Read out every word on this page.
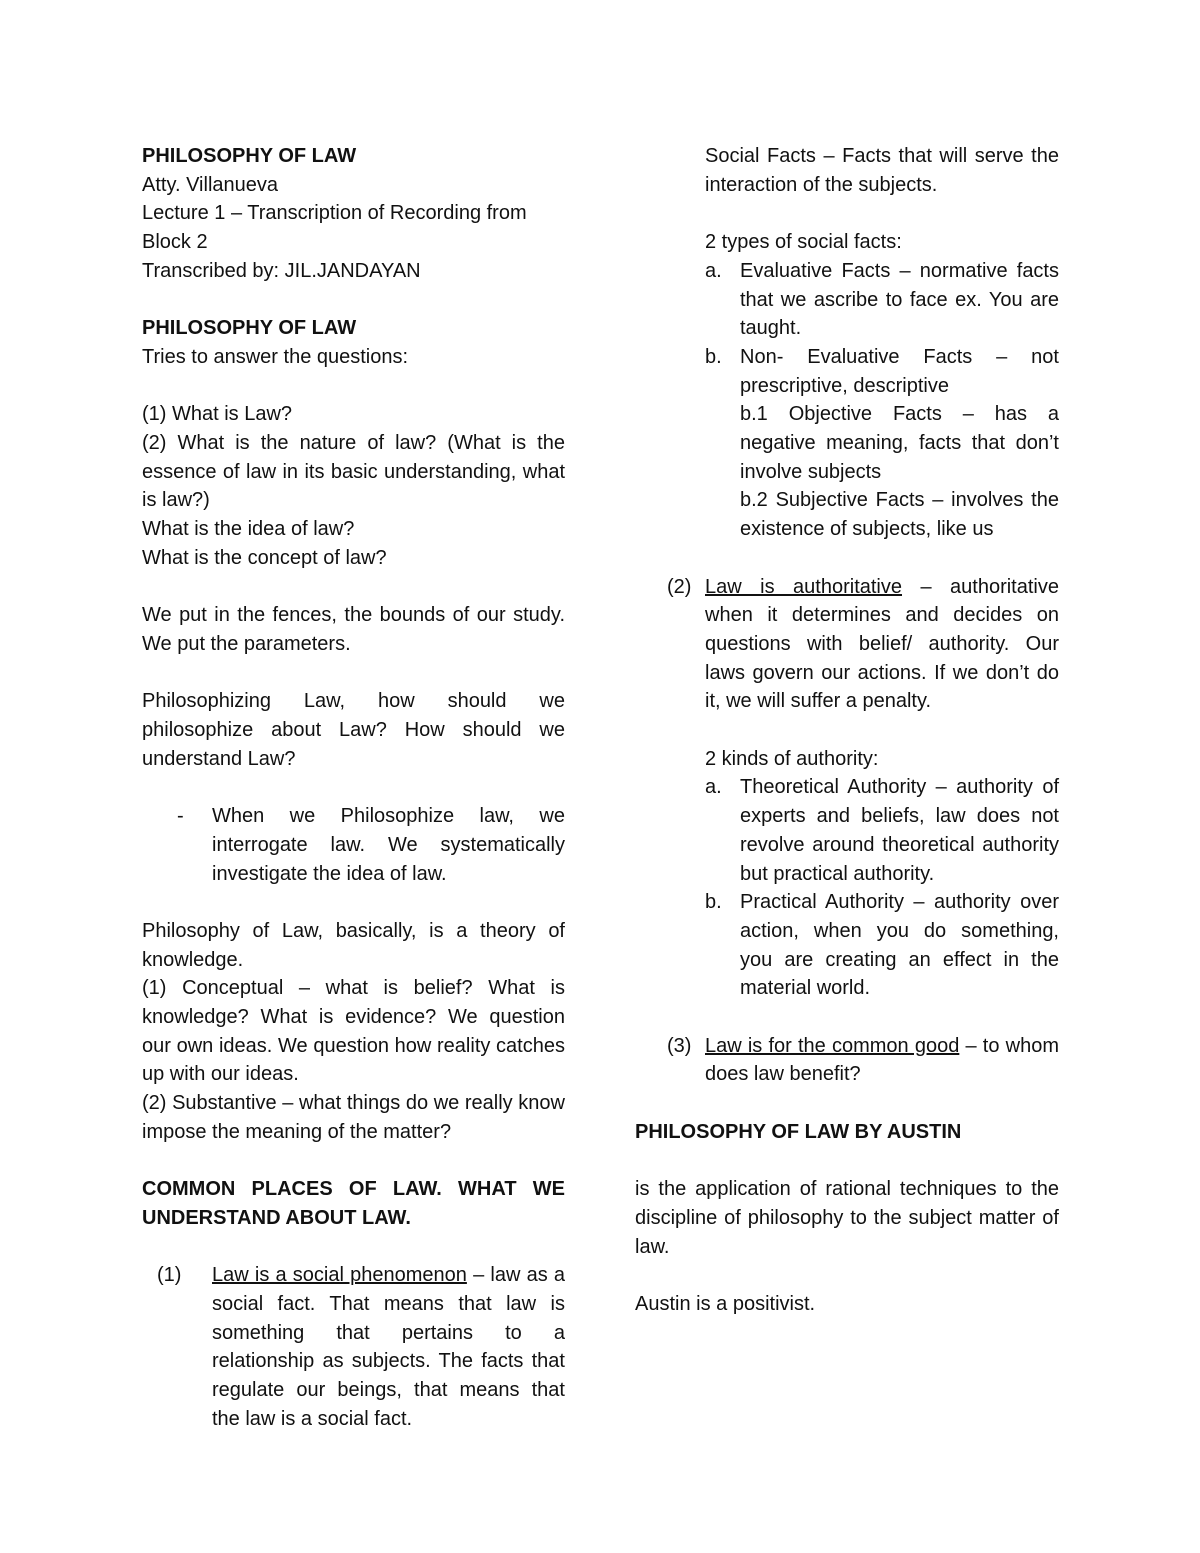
PHILOSOPHY OF LAW

Atty. Villanueva

Lecture 1 – Transcription of Recording from Block 2

Transcribed by: JIL.JANDAYAN

PHILOSOPHY OF LAW

Tries to answer the questions:

(1) What is Law?

(2) What is the nature of law? (What is the essence of law in its basic understanding, what is law?)

What is the idea of law?

What is the concept of law?

We put in the fences, the bounds of our study. We put the parameters.

Philosophizing Law, how should we philosophize about Law? How should we understand Law?

- When we Philosophize law, we interrogate law. We systematically investigate the idea of law.

Philosophy of Law, basically, is a theory of knowledge.

(1) Conceptual – what is belief? What is knowledge? What is evidence? We question our own ideas. We question how reality catches up with our ideas.

(2) Substantive – what things do we really know impose the meaning of the matter?

COMMON PLACES OF LAW. WHAT WE UNDERSTAND ABOUT LAW.

(1) Law is a social phenomenon – law as a social fact. That means that law is something that pertains to a relationship as subjects. The facts that regulate our beings, that means that the law is a social fact.
Social Facts – Facts that will serve the interaction of the subjects.

2 types of social facts:

a. Evaluative Facts – normative facts that we ascribe to face ex. You are taught.
b. Non- Evaluative Facts – not prescriptive, descriptive

b.1 Objective Facts – has a negative meaning, facts that don’t involve subjects

b.2 Subjective Facts – involves the existence of subjects, like us

(2) Law is authoritative – authoritative when it determines and decides on questions with belief/ authority. Our laws govern our actions. If we don’t do it, we will suffer a penalty.

2 kinds of authority:

a. Theoretical Authority – authority of experts and beliefs, law does not revolve around theoretical authority but practical authority.
b. Practical Authority – authority over action, when you do something, you are creating an effect in the material world.
(3) Law is for the common good – to whom does law benefit?

PHILOSOPHY OF LAW BY AUSTIN

is the application of rational techniques to the discipline of philosophy to the subject matter of law.

Austin is a positivist.
